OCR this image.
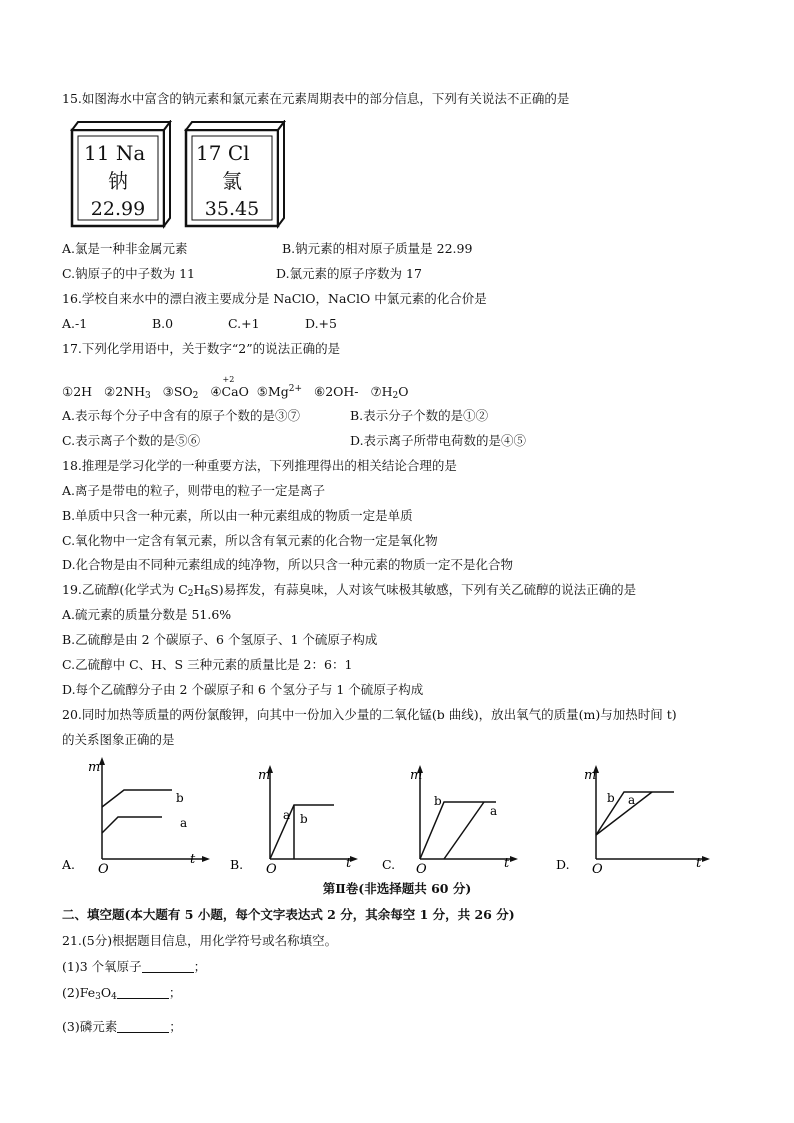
15.如图海水中富含的钠元素和氯元素在元素周期表中的部分信息，下列有关说法不正确的是
11 Na
钠
22.99
17 Cl
氯
35.45
A.氯是一种非金属元素	B.钠元素的相对原子质量是 22.99
C.钠原子的中子数为 11	D.氯元素的原子序数为 17
16.学校自来水中的漂白液主要成分是 NaClO，NaClO 中氯元素的化合价是
A.-1	B.0	C.+1	D.+5
17.下列化学用语中，关于数字“2”的说法正确的是
①2H $②2NH_3$ $③SO_2$ ④
+2
CaO $⑤Mg^{2+}$ ⑥2OH- $⑦H_2O$
A.表示每个分子中含有的原子个数的是③⑦	B.表示分子个数的是①②
C.表示离子个数的是⑤⑥	D.表示离子所带电荷数的是④⑤
18.推理是学习化学的一种重要方法，下列推理得出的相关结论合理的是
A.离子是带电的粒子，则带电的粒子一定是离子
B.单质中只含一种元素，所以由一种元素组成的物质一定是单质
C.氧化物中一定含有氧元素，所以含有氧元素的化合物一定是氧化物
D.化合物是由不同种元素组成的纯净物，所以只含一种元素的物质一定不是化合物
19.乙硫醇(化学式为 $C_2H_6S$)易挥发，有蒜臭味，人对该气味极其敏感，下列有关乙硫醇的说法正确的是
A.硫元素的质量分数是 51.6%
B.乙硫醇是由 2 个碳原子、6 个氢原子、1 个硫原子构成
C.乙硫醇中 C、H、S 三种元素的质量比是 2：6：1
D.每个乙硫醇分子由 2 个碳原子和 6 个氢分子与 1 个硫原子构成
20.同时加热等质量的两份氯酸钾，向其中一份加入少量的二氧化锰(b 曲线)，放出氧气的质量(m)与加热时间 t)
的关系图象正确的是
m
t
O
a
b
A.
m
t
O
a b
B.
m
t
O
a
b
C.
m
t
O
a
b
D.
第Ⅱ卷(非选择题共 60 分)
二、填空题(本大题有 5 小题，每个文字表达式 2 分，其余每空 1 分，共 26 分)
21.(5分)根据题目信息，用化学符号或名称填空。
(1)3 个氧原子	；
$(2)Fe_3O_4$	；
(3)磷元素	；
